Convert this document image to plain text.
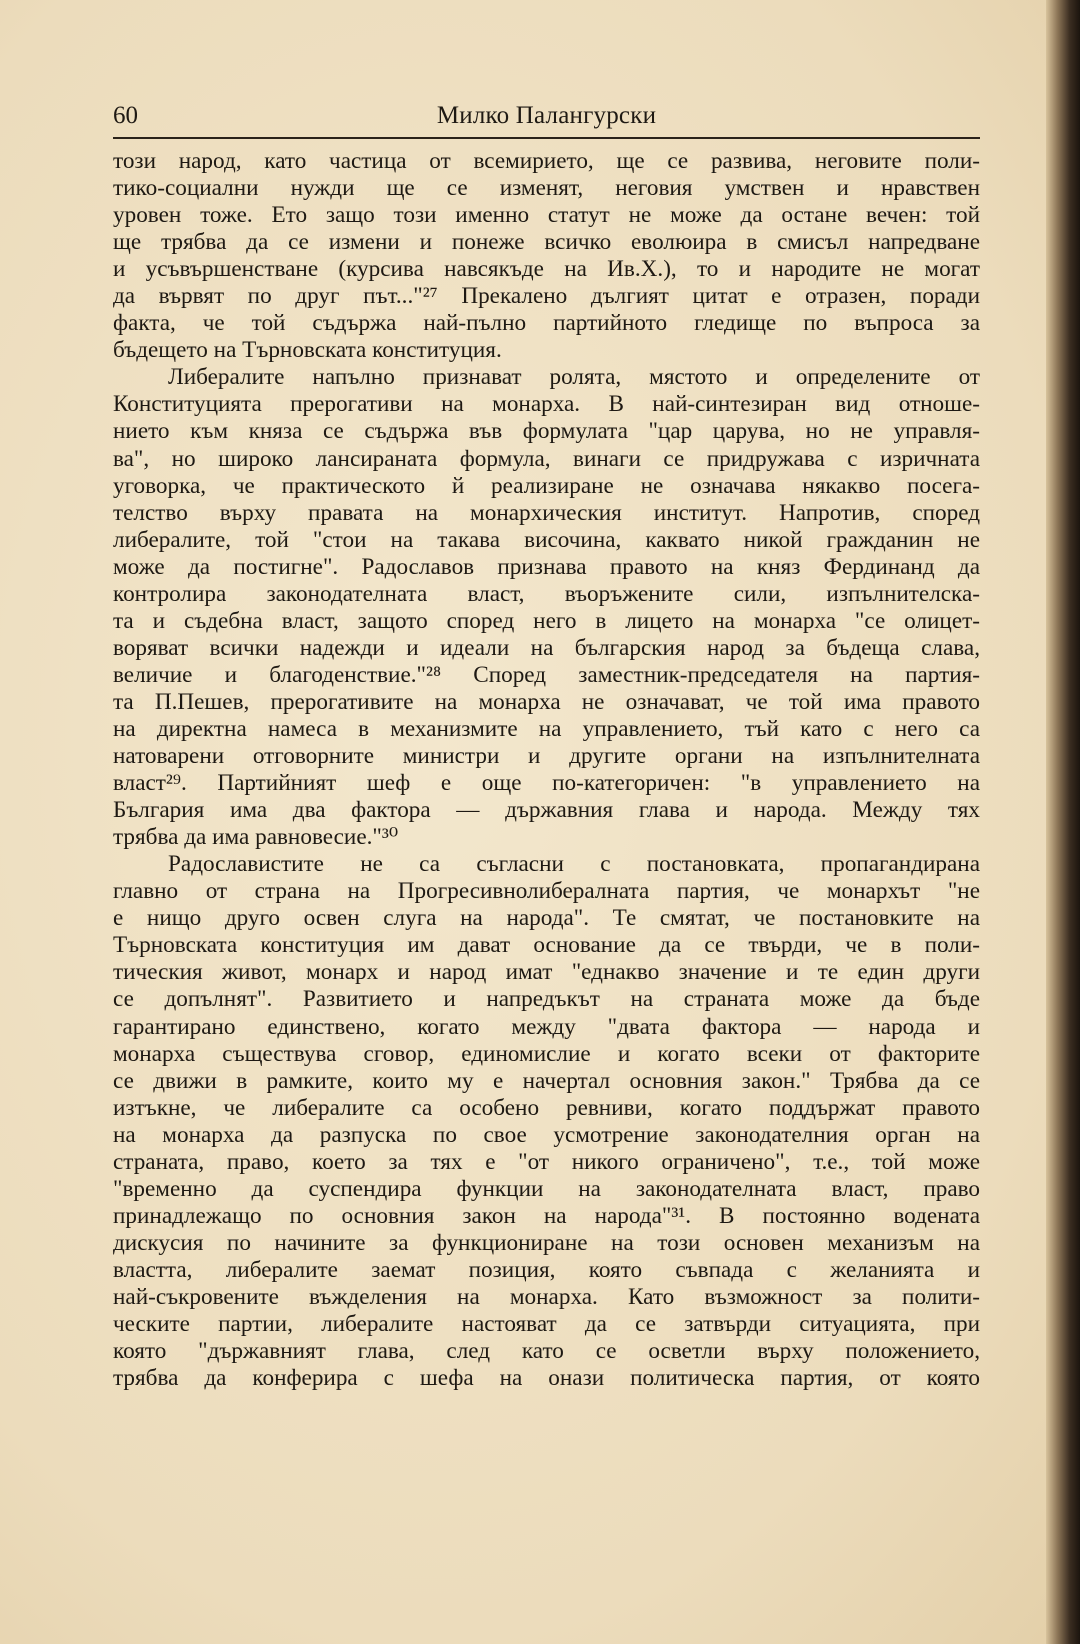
60	Милко Палангурски
този народ, като частица от всемирието, ще се развива, неговите поли-
тико-социални нужди ще се изменят, неговия умствен и нравствен
уровен тоже. Ето защо този именно статут не може да остане вечен: той
ще трябва да се измени и понеже всичко еволюира в смисъл напредване
и усъвършенстване (курсива навсякъде на Ив.Х.), то и народите не могат
да вървят по друг път..."²⁷ Прекалено дългият цитат е отразен, поради
факта, че той съдържа най-пълно партийното гледище по въпроса за
бъдещето на Търновската конституция.
Либералите напълно признават ролята, мястото и определените от
Конституцията прерогативи на монарха. В най-синтезиран вид отноше-
нието към княза се съдържа във формулата "цар царува, но не управля-
ва", но широко лансираната формула, винаги се придружава с изричната
уговорка, че практическото й реализиране не означава някакво посега-
телство върху правата на монархическия институт. Напротив, според
либералите, той "стои на такава височина, каквато никой гражданин не
може да постигне". Радославов признава правото на княз Фердинанд да
контролира законодателната власт, въоръжените сили, изпълнителска-
та и съдебна власт, защото според него в лицето на монарха "се олицет-
воряват всички надежди и идеали на българския народ за бъдеща слава,
величие и благоденствие."²⁸ Според заместник-председателя на партия-
та П.Пешев, прерогативите на монарха не означават, че той има правото
на директна намеса в механизмите на управлението, тъй като с него са
натоварени отговорните министри и другите органи на изпълнителната
власт²⁹. Партийният шеф е още по-категоричен: "в управлението на
България има два фактора — държавния глава и народа. Между тях
трябва да има равновесие."³⁰
Радославистите не са съгласни с постановката, пропагандирана
главно от страна на Прогресивнолибералната партия, че монархът "не
е нищо друго освен слуга на народа". Те смятат, че постановките на
Търновската конституция им дават основание да се твърди, че в поли-
тическия живот, монарх и народ имат "еднакво значение и те един други
се допълнят". Развитието и напредъкът на страната може да бъде
гарантирано единствено, когато между "двата фактора — народа и
монарха съществува сговор, единомислие и когато всеки от факторите
се движи в рамките, които му е начертал основния закон." Трябва да се
изтъкне, че либералите са особено ревниви, когато поддържат правото
на монарха да разпуска по свое усмотрение законодателния орган на
страната, право, което за тях е "от никого ограничено", т.е., той може
"временно да суспендира функции на законодателната власт, право
принадлежащо по основния закон на народа"³¹. В постоянно водената
дискусия по начините за функциониране на този основен механизъм на
властта, либералите заемат позиция, която съвпада с желанията и
най-съкровените въжделения на монарха. Като възможност за полити-
ческите партии, либералите настояват да се затвърди ситуацията, при
която "държавният глава, след като се осветли върху положението,
трябва да конферира с шефа на онази политическа партия, от която
